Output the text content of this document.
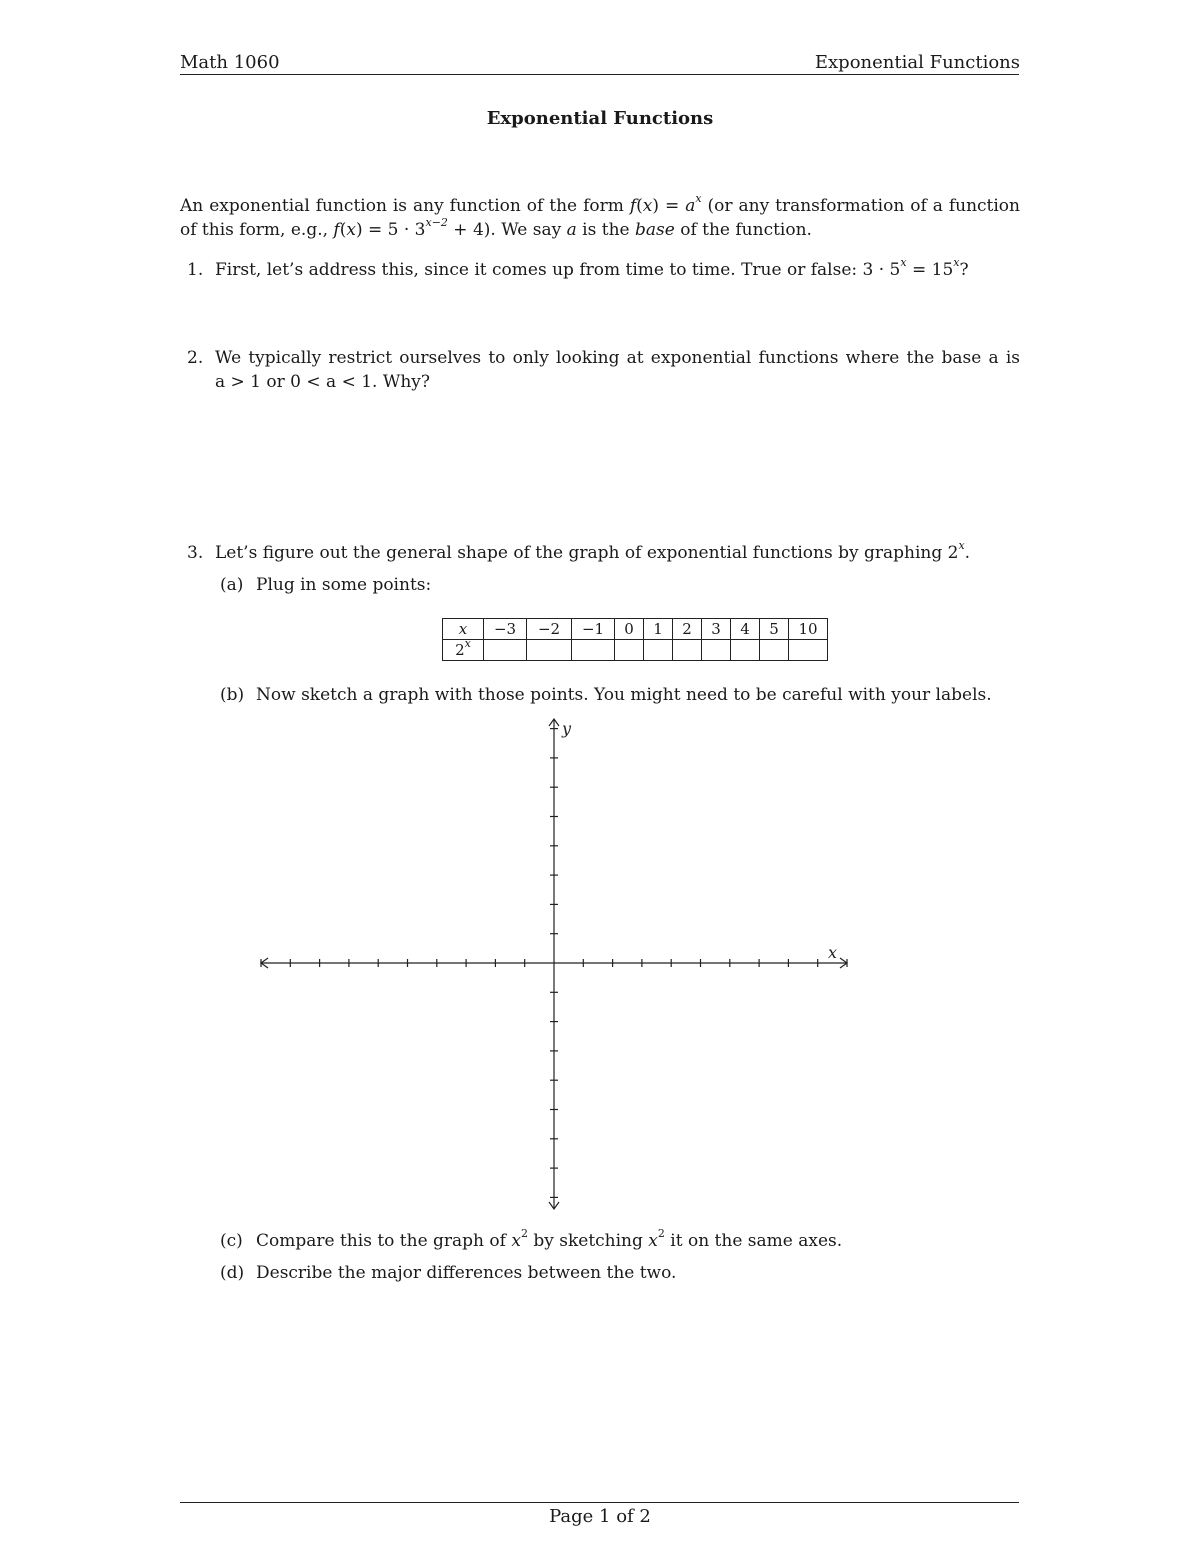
Math 1060	Exponential Functions
Exponential Functions
An exponential function is any function of the form $f(x) = a^x$ (or any transformation of a function
of this form, e.g., $f(x) = 5 \cdot 3^{x-2} + 4$). We say a is the base of the function.
1. First, let’s address this, since it comes up from time to time. True or false: $3 \cdot 5^x = 15^x$?
2. We typically restrict ourselves to only looking at exponential functions where the base a is
a > 1 or 0 < a < 1. Why?
3. Let’s figure out the general shape of the graph of exponential functions by graphing 2$^x$.
(a) Plug in some points:
x	−3	−2	−1	0	1	2	3	4	5	10
2$^x$										
(b) Now sketch a graph with those points. You might need to be careful with your labels.
x
y
(c) Compare this to the graph of $x^2$ by sketching $x^2$ it on the same axes.
(d) Describe the major differences between the two.
Page 1 of 2
